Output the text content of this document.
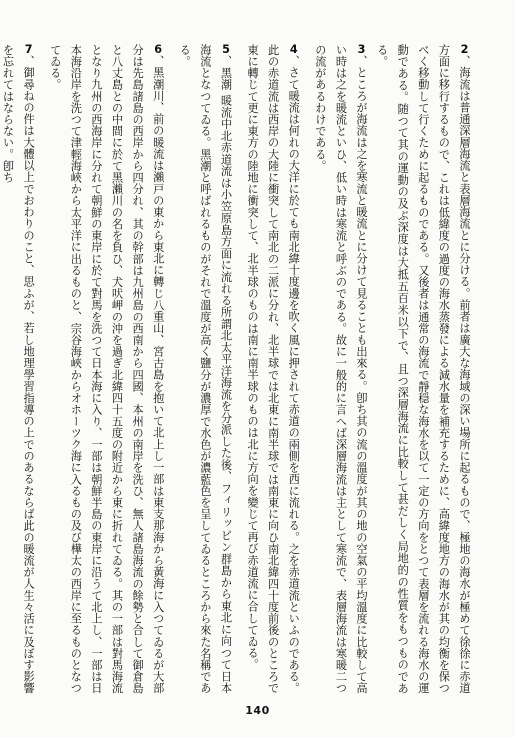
2、海流は普通深層海流と表層海流とに分ける。前者は廣大な海域の深い場所に起るもので、極地の海水が極めて徐徐に赤道方面に移行するもので、これは低緯度の過度の海水蒸發による減水量を補充するために、高緯度地方の海水が其の均衡を保つべく移動して行くために起るものである。又後者は通常の海流で靜穏な海水を以て一定の方向をとつて表層を流れる海水の運動である。随つて其の運動の及ぶ深度は大抵五百米以下で、且つ深層海流に比較して甚だしく局地的の性質をもつものである。

3、ところが海流は之を寒流と暖流とに分けて見ることも出來る。卽ち其の流の溫度が其の地の空氣の平均溫度に比較して高い時は之を暖流といひ、低い時は寒流と呼ぶのである。故に一般的に言へば深層海流は主として寒流で、表層海流は寒暖二つの流があるわけである。

4、さて暖流は何れの大洋に於ても南北緯十度邊を吹く風に押されて赤道の兩側を西に流れる。之を赤道流といふのである。此の赤道流は西岸の大陸に衝突して南北の二派に分れ、北半球では北東に南半球では南東に向ひ南北緯四十度前後のところで東に轉じて更に東方の陸地に衝突して、北半球のものは南に南半球のものは北に方向を變じて再び赤道流に合してゐる。

5、黑潮 暖流中北赤道流は小笠原島方面に流れる所謂北太平洋海流を分派した後、フィリッピン群島から東北に向つて日本海流となつてゐる。黑潮と呼ばれるものがそれで溫度が高く鹽分が濃厚で水色が濃藍色を呈してゐるところから來た名稱である。

6、黑潮川、前の暖流は瀨戸の東から東北に轉じ八重山、宮古島を抱いて北上し一部は東支那海から黃海に入つてゐるが大部分は先島諸島の西岸から四分れ、其の幹部は九州島の西南から四國、本州の南岸を洗ひ、無人諸島海流の餘勢と合して御倉島と八丈島との中間に於て黑瀨川の名を負ひ、犬吠岬の沖を過ぎ北緯四十五度の附近から東に折れてゐる。其の一部は對馬海流となり九州の西海岸に分れて朝鮮の東岸に於て對馬を洗つて日本海に入り、一部は朝鮮半島の東岸に沿うて北上し、一部は日本海沿岸を洗つて津輕海峽から太平洋に出るものと、宗谷海峽からオホーツク海に入るもの及び樺太の西岸に至るものとなつてゐる。

7、御尋ねの件は大體以上でおわりのこと、思ふが、若し地理學習指導の上でのあるならば此の暖流が人生々活に及ぼす影響を忘れてはならない。卽ち

140
